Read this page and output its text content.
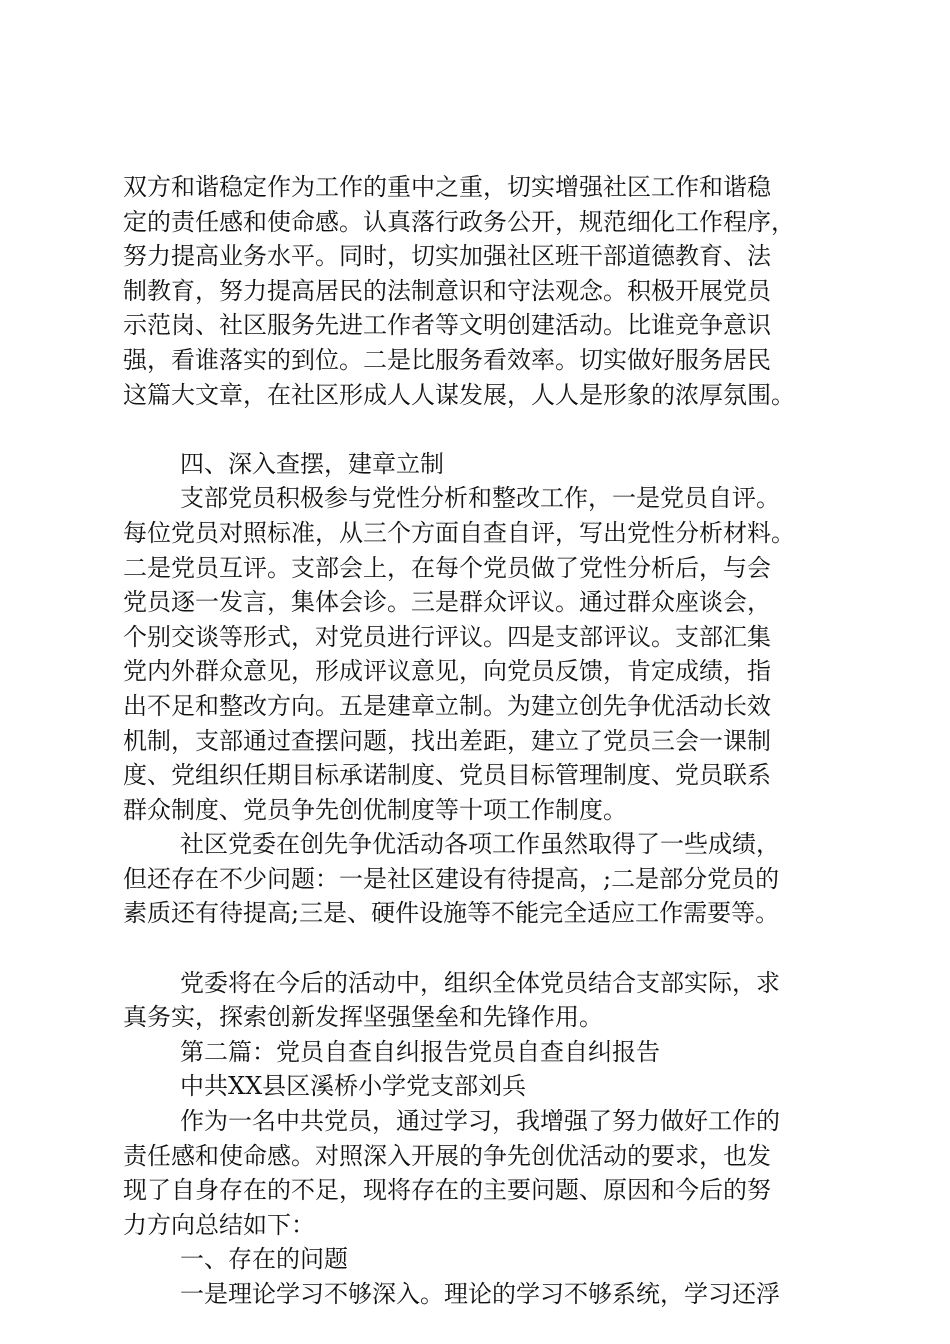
双方和谐稳定作为工作的重中之重，切实增强社区工作和谐稳

定的责任感和使命感。认真落行政务公开，规范细化工作程序，

努力提高业务水平。同时，切实加强社区班干部道德教育、法

制教育，努力提高居民的法制意识和守法观念。积极开展党员

示范岗、社区服务先进工作者等文明创建活动。比谁竞争意识

强，看谁落实的到位。二是比服务看效率。切实做好服务居民

这篇大文章，在社区形成人人谋发展，人人是形象的浓厚氛围。

四、深入查摆，建章立制

支部党员积极参与党性分析和整改工作，一是党员自评。

每位党员对照标准，从三个方面自查自评，写出党性分析材料。

二是党员互评。支部会上，在每个党员做了党性分析后，与会

党员逐一发言，集体会诊。三是群众评议。通过群众座谈会，

个别交谈等形式，对党员进行评议。四是支部评议。支部汇集

党内外群众意见，形成评议意见，向党员反馈，肯定成绩，指

出不足和整改方向。五是建章立制。为建立创先争优活动长效

机制，支部通过查摆问题，找出差距，建立了党员三会一课制

度、党组织任期目标承诺制度、党员目标管理制度、党员联系

群众制度、党员争先创优制度等十项工作制度。

社区党委在创先争优活动各项工作虽然取得了一些成绩，

但还存在不少问题：一是社区建设有待提高，;二是部分党员的

素质还有待提高;三是、硬件设施等不能完全适应工作需要等。

党委将在今后的活动中，组织全体党员结合支部实际，求

真务实，探索创新发挥坚强堡垒和先锋作用。

第二篇：党员自查自纠报告党员自查自纠报告

中共XX县区溪桥小学党支部刘兵

作为一名中共党员，通过学习，我增强了努力做好工作的

责任感和使命感。对照深入开展的争先创优活动的要求，也发

现了自身存在的不足，现将存在的主要问题、原因和今后的努

力方向总结如下：

一、存在的问题

一是理论学习不够深入。理论的学习不够系统，学习还浮
